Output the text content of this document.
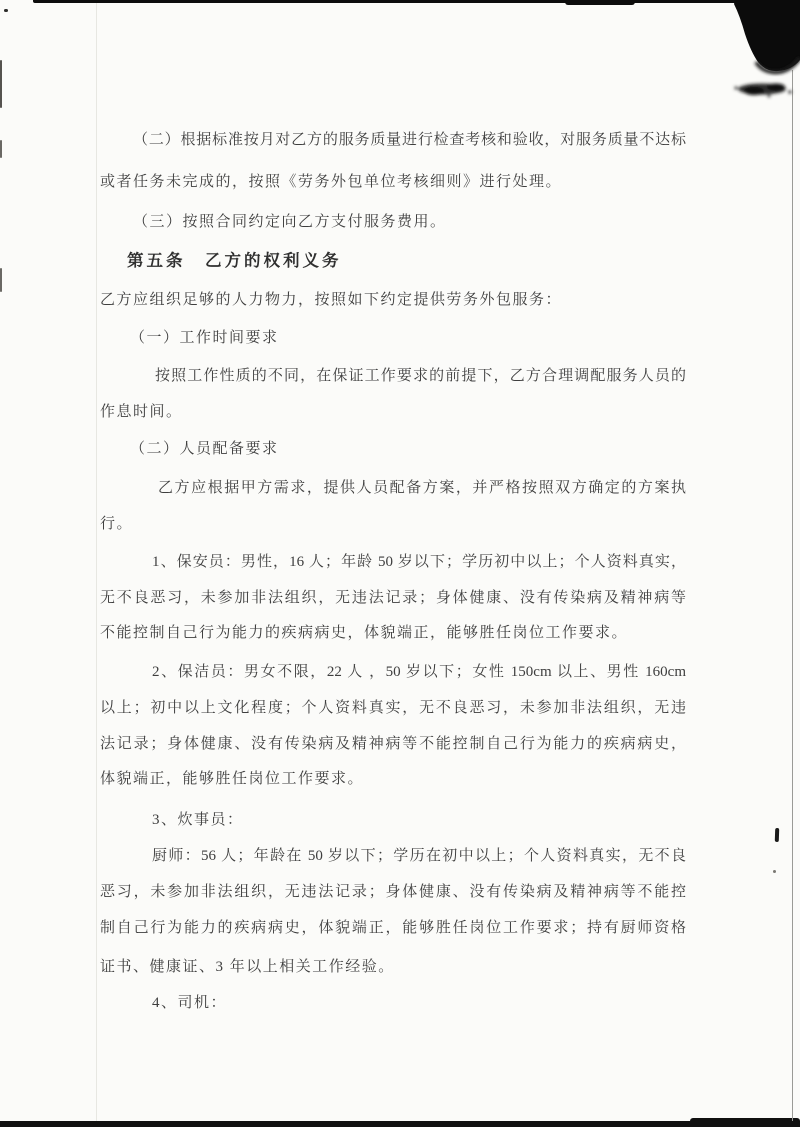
（二）根据标准按月对乙方的服务质量进行检查考核和验收，对服务质量不达标
或者任务未完成的，按照《劳务外包单位考核细则》进行处理。
（三）按照合同约定向乙方支付服务费用。
第五条　乙方的权利义务
乙方应组织足够的人力物力，按照如下约定提供劳务外包服务：
（一）工作时间要求
按照工作性质的不同，在保证工作要求的前提下，乙方合理调配服务人员的
作息时间。
（二）人员配备要求
乙方应根据甲方需求，提供人员配备方案，并严格按照双方确定的方案执
行。
1、保安员：男性，16 人；年龄 50 岁以下；学历初中以上；个人资料真实，
无不良恶习，未参加非法组织，无违法记录；身体健康、没有传染病及精神病等
不能控制自己行为能力的疾病病史，体貌端正，能够胜任岗位工作要求。
2、保洁员：男女不限，22 人 ，50 岁以下；女性 150cm 以上、男性 160cm
以上；初中以上文化程度；个人资料真实，无不良恶习，未参加非法组织，无违
法记录；身体健康、没有传染病及精神病等不能控制自己行为能力的疾病病史，
体貌端正，能够胜任岗位工作要求。
3、炊事员：
厨师：56 人；年龄在 50 岁以下；学历在初中以上；个人资料真实，无不良
恶习，未参加非法组织，无违法记录；身体健康、没有传染病及精神病等不能控
制自己行为能力的疾病病史，体貌端正，能够胜任岗位工作要求；持有厨师资格
证书、健康证、3 年以上相关工作经验。
4、司机：
